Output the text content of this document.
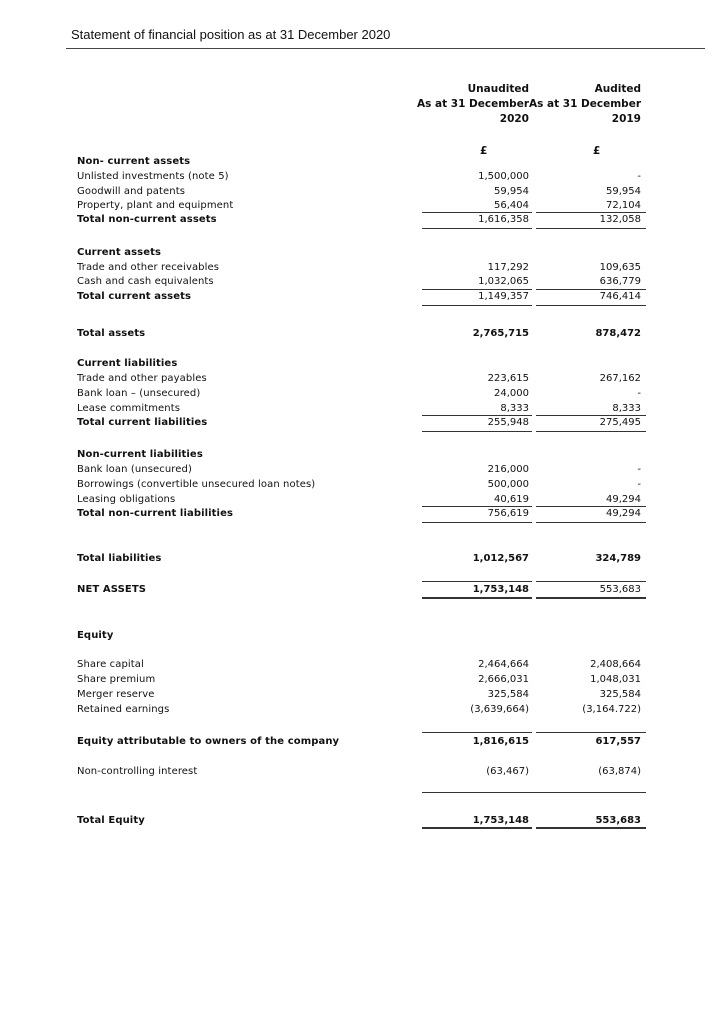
Statement of financial position as at 31 December 2020
Unaudited
As at 31 December
2020
Audited
As at 31 December
2019
£	£
Non- current assets
Unlisted investments (note 5)	1,500,000	-
Goodwill and patents	59,954	59,954
Property, plant and equipment	56,404	72,104
Total non-current assets	1,616,358	132,058
Current assets
Trade and other receivables	117,292	109,635
Cash and cash equivalents	1,032,065	636,779
Total current assets	1,149,357	746,414
Total assets	2,765,715	878,472
Current liabilities
Trade and other payables	223,615	267,162
Bank loan – (unsecured)	24,000	-
Lease commitments	8,333	8,333
Total current liabilities	255,948	275,495
Non-current liabilities
Bank loan (unsecured)	216,000	-
Borrowings (convertible unsecured loan notes)	500,000	-
Leasing obligations	40,619	49,294
Total non-current liabilities	756,619	49,294
Total liabilities	1,012,567	324,789
NET ASSETS	1,753,148	553,683
Equity
Share capital	2,464,664	2,408,664
Share premium	2,666,031	1,048,031
Merger reserve	325,584	325,584
Retained earnings	(3,639,664)	(3,164.722)
Equity attributable to owners of the company	1,816,615	617,557
Non-controlling interest	(63,467)	(63,874)
Total Equity	1,753,148	553,683
